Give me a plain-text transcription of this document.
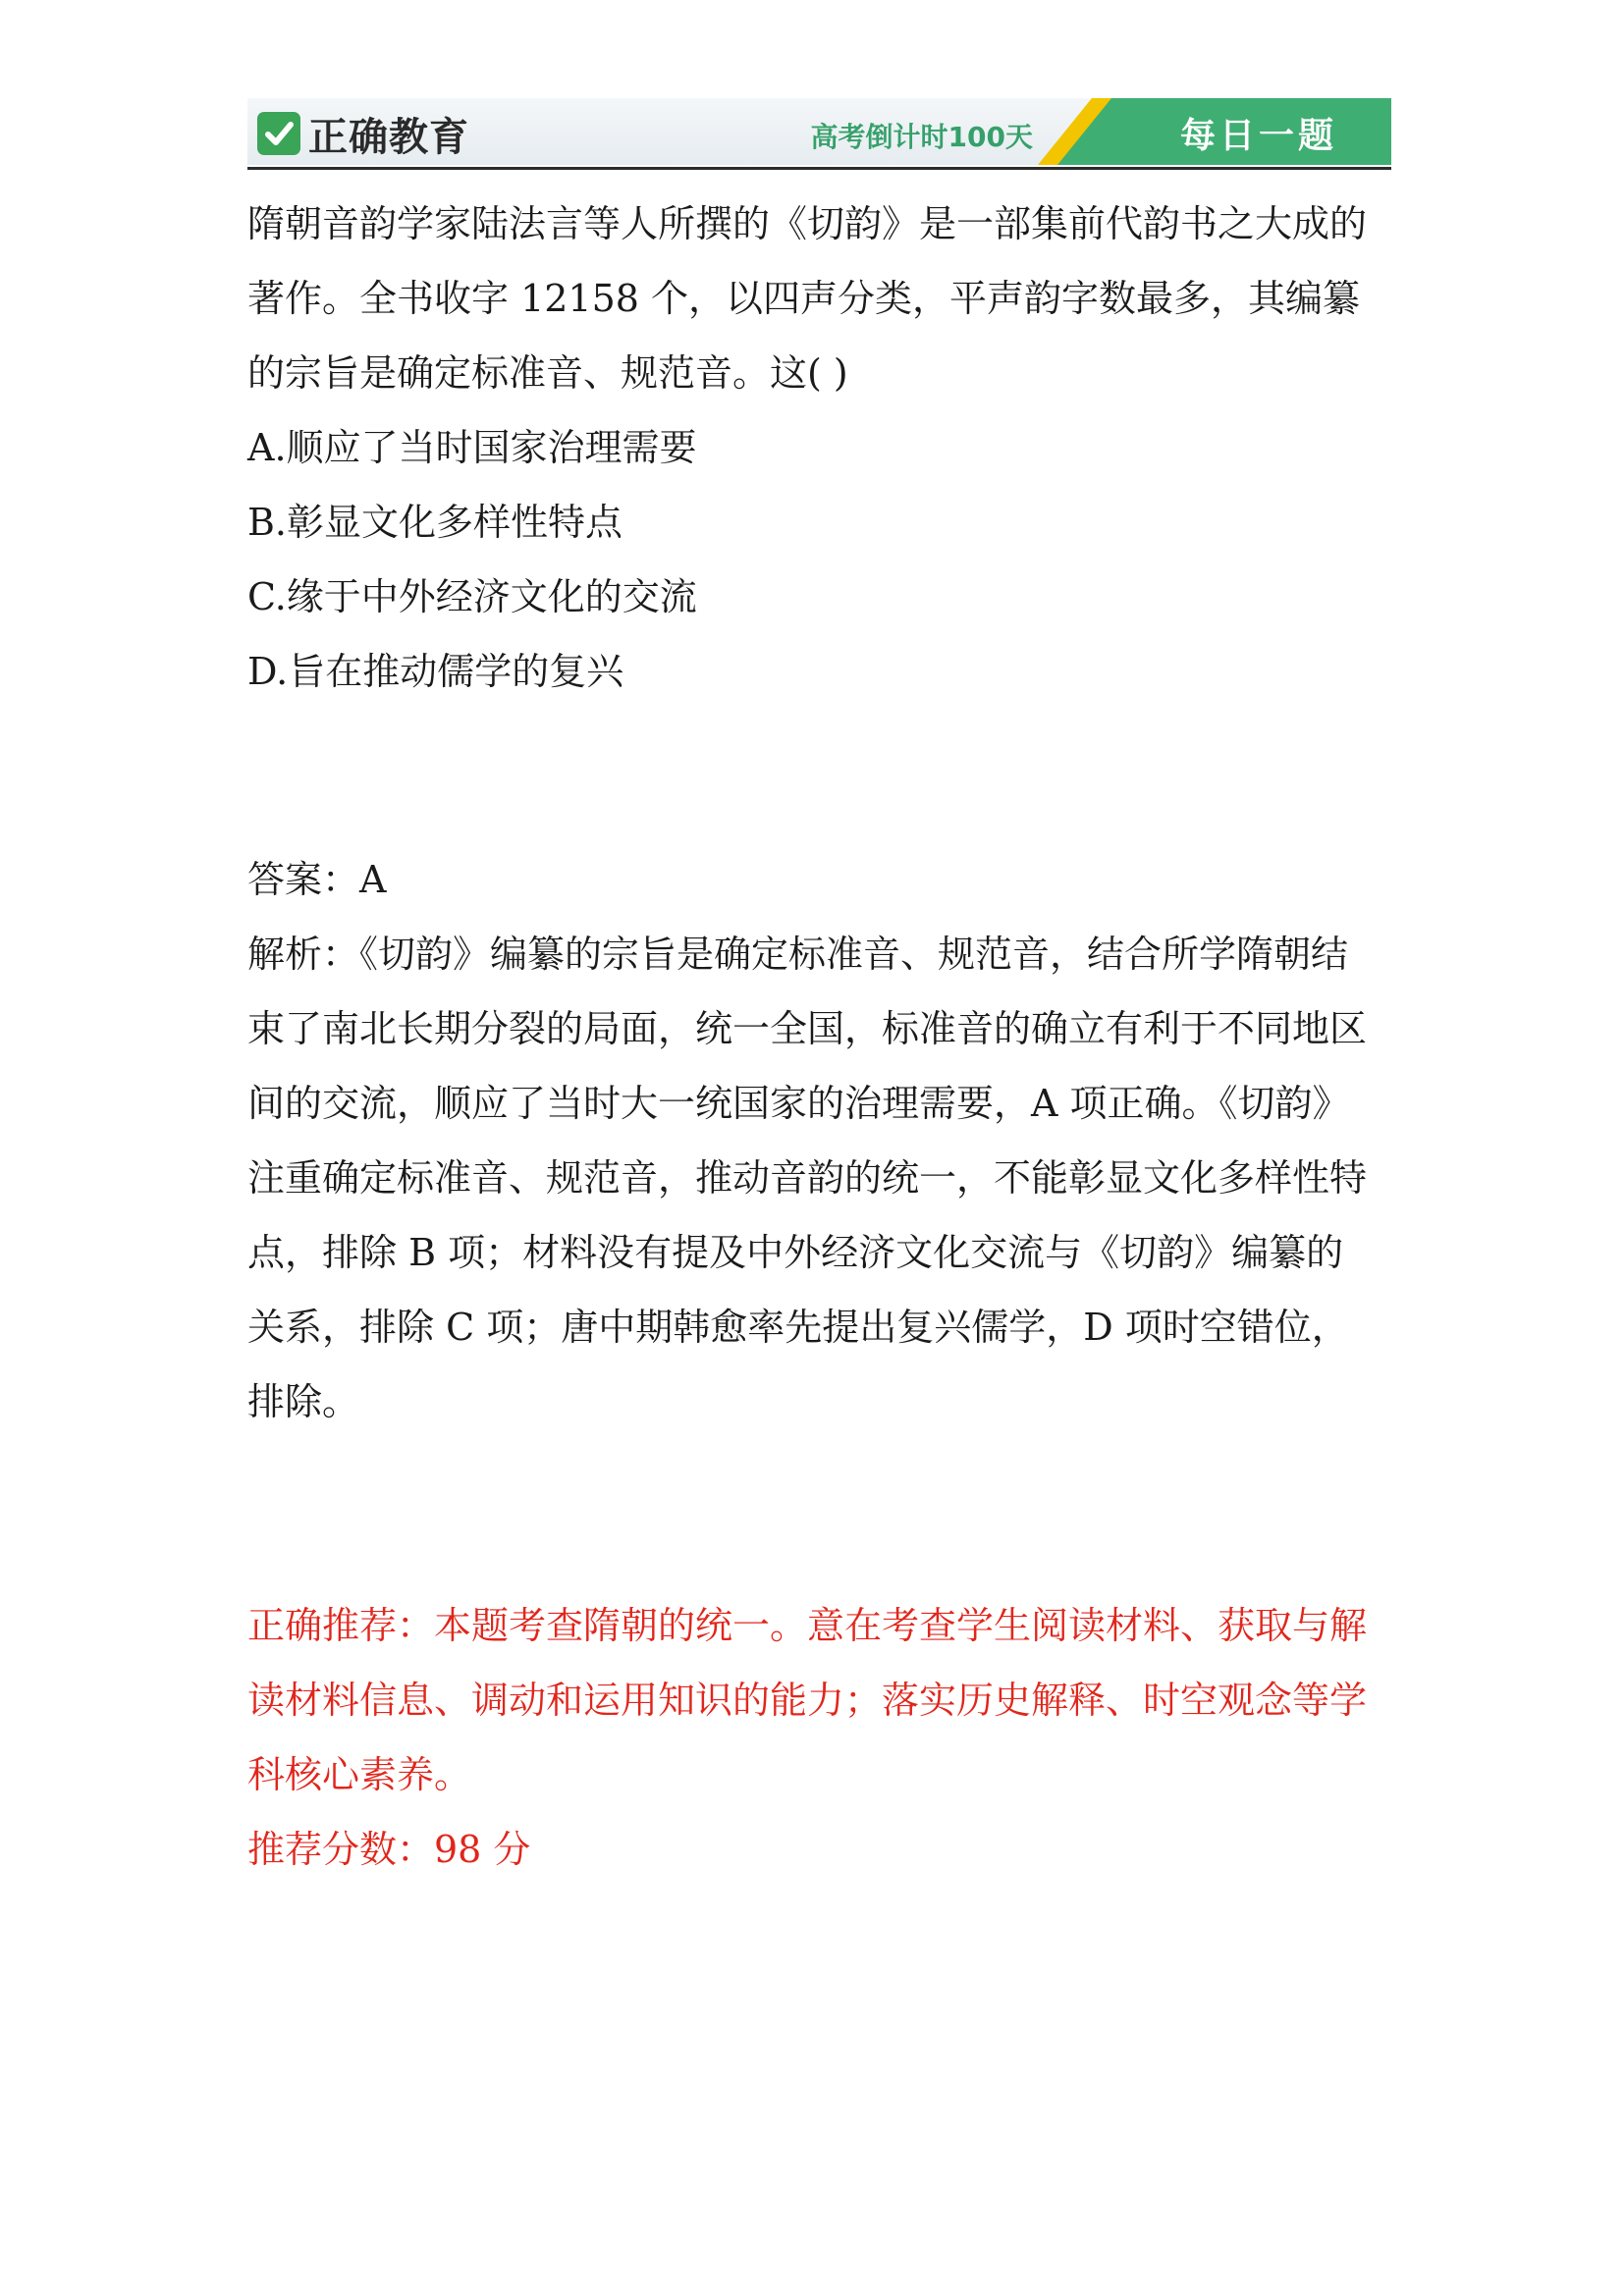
正确教育	高考倒计时100天	每日一题

隋朝音韵学家陆法言等人所撰的《切韵》是一部集前代韵书之大成的著作。全书收字 12158 个，以四声分类，平声韵字数最多，其编纂的宗旨是确定标准音、规范音。这( )

A.顺应了当时国家治理需要

B.彰显文化多样性特点

C.缘于中外经济文化的交流

D.旨在推动儒学的复兴

答案：A

解析：《切韵》编纂的宗旨是确定标准音、规范音，结合所学隋朝结束了南北长期分裂的局面，统一全国，标准音的确立有利于不同地区间的交流，顺应了当时大一统国家的治理需要，A 项正确。《切韵》注重确定标准音、规范音，推动音韵的统一，不能彰显文化多样性特点，排除 B 项；材料没有提及中外经济文化交流与《切韵》编纂的关系，排除 C 项；唐中期韩愈率先提出复兴儒学，D 项时空错位，排除。

正确推荐：本题考查隋朝的统一。意在考查学生阅读材料、获取与解读材料信息、调动和运用知识的能力；落实历史解释、时空观念等学科核心素养。

推荐分数：98 分
